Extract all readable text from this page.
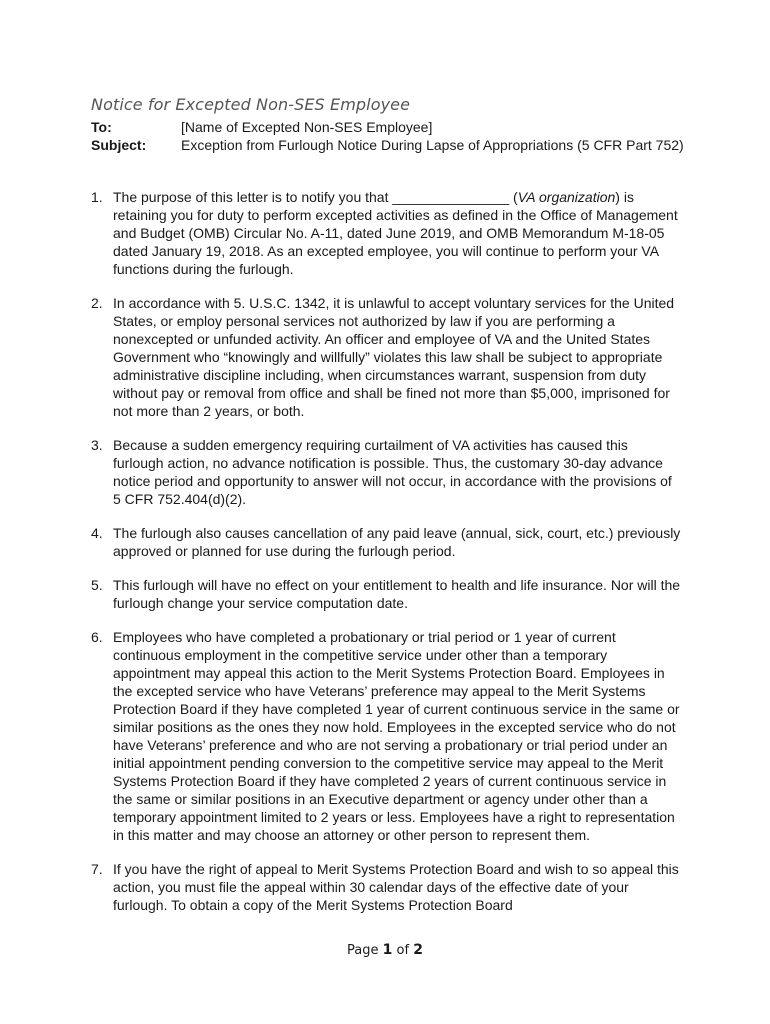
Notice for Excepted Non-SES Employee
To:	[Name of Excepted Non-SES Employee]
Subject:	Exception from Furlough Notice During Lapse of Appropriations (5 CFR Part 752)
1. The purpose of this letter is to notify you that _______________ (VA organization) is retaining you for duty to perform excepted activities as defined in the Office of Management and Budget (OMB) Circular No. A-11, dated June 2019, and OMB Memorandum M-18-05 dated January 19, 2018. As an excepted employee, you will continue to perform your VA functions during the furlough.
2. In accordance with 5. U.S.C. 1342, it is unlawful to accept voluntary services for the United States, or employ personal services not authorized by law if you are performing a nonexcepted or unfunded activity. An officer and employee of VA and the United States Government who “knowingly and willfully” violates this law shall be subject to appropriate administrative discipline including, when circumstances warrant, suspension from duty without pay or removal from office and shall be fined not more than $5,000, imprisoned for not more than 2 years, or both.
3. Because a sudden emergency requiring curtailment of VA activities has caused this furlough action, no advance notification is possible. Thus, the customary 30-day advance notice period and opportunity to answer will not occur, in accordance with the provisions of 5 CFR 752.404(d)(2).
4. The furlough also causes cancellation of any paid leave (annual, sick, court, etc.) previously approved or planned for use during the furlough period.
5. This furlough will have no effect on your entitlement to health and life insurance. Nor will the furlough change your service computation date.
6. Employees who have completed a probationary or trial period or 1 year of current continuous employment in the competitive service under other than a temporary appointment may appeal this action to the Merit Systems Protection Board. Employees in the excepted service who have Veterans’ preference may appeal to the Merit Systems Protection Board if they have completed 1 year of current continuous service in the same or similar positions as the ones they now hold. Employees in the excepted service who do not have Veterans’ preference and who are not serving a probationary or trial period under an initial appointment pending conversion to the competitive service may appeal to the Merit Systems Protection Board if they have completed 2 years of current continuous service in the same or similar positions in an Executive department or agency under other than a temporary appointment limited to 2 years or less. Employees have a right to representation in this matter and may choose an attorney or other person to represent them.
7. If you have the right of appeal to Merit Systems Protection Board and wish to so appeal this action, you must file the appeal within 30 calendar days of the effective date of your furlough. To obtain a copy of the Merit Systems Protection Board
Page 1 of 2
